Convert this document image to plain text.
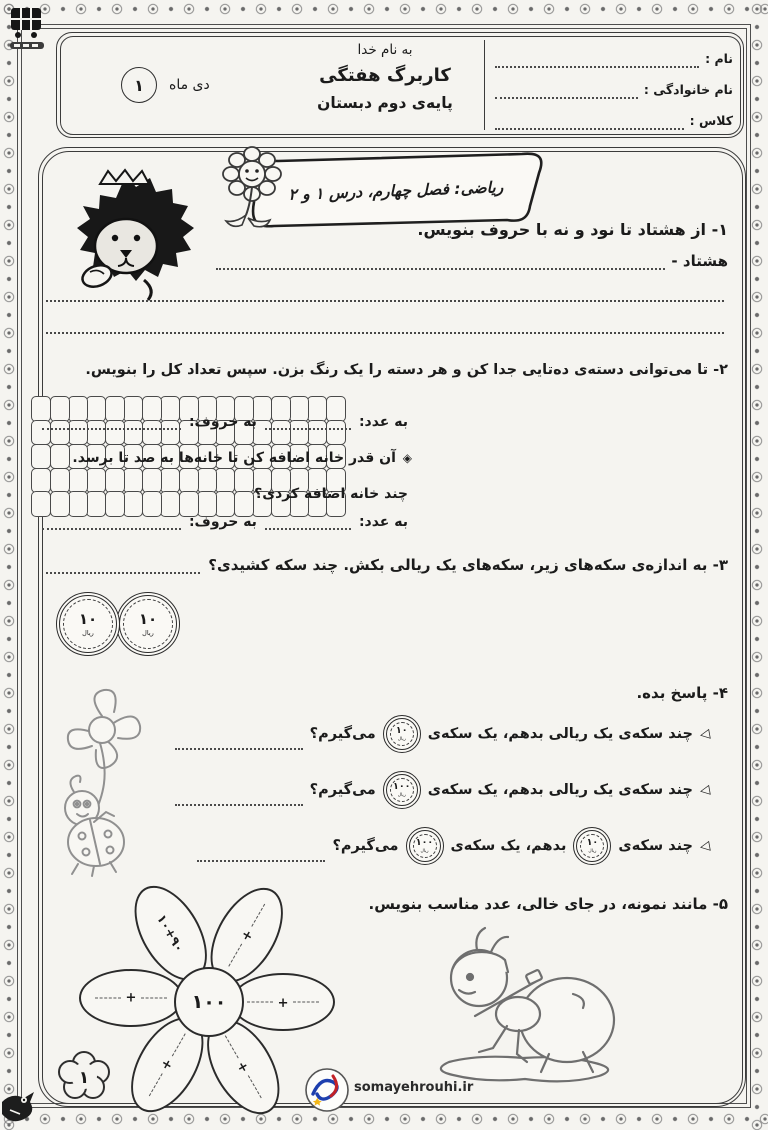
نام :
نام خانوادگی :
کلاس :
به نام خدا
کاربرگ هفتگی
پایه‌ی دوم دبستان
دی ماه
۱
ریاضی: فصل چهارم، درس ۱ و ۲
۱- از هشتاد تا نود و نه با حروف بنویس.
هشتاد -
۲- تا می‌توانی دسته‌ی ده‌تایی جدا کن و هر دسته را یک رنگ بزن. سپس تعداد کل را بنویس.
به عدد:
به حروف:
◈ آن قدر خانه اضافه کن تا خانه‌ها به صد تا برسد.
چند خانه اضافه کردی؟
به عدد:
به حروف:
۳- به اندازه‌ی سکه‌های زیر، سکه‌های یک ریالی بکش. چند سکه کشیدی؟
۱۰
ریال
۱۰
ریال
۴- پاسخ بده.
◁
چند سکه‌ی یک ریالی بدهم، یک سکه‌ی
۱۰
ریال
می‌گیرم؟
◁
چند سکه‌ی یک ریالی بدهم، یک سکه‌ی
۱۰۰
ریال
می‌گیرم؟
◁
چند سکه‌ی
۱۰
ریال
بدهم، یک سکه‌ی
۱۰۰
ریال
می‌گیرم؟
۵- مانند نمونه، در جای خالی، عدد مناسب بنویس.
۱۰۰
۱۰+۹۰	+
+	+
+	+
۱	somayehrouhi.ir
